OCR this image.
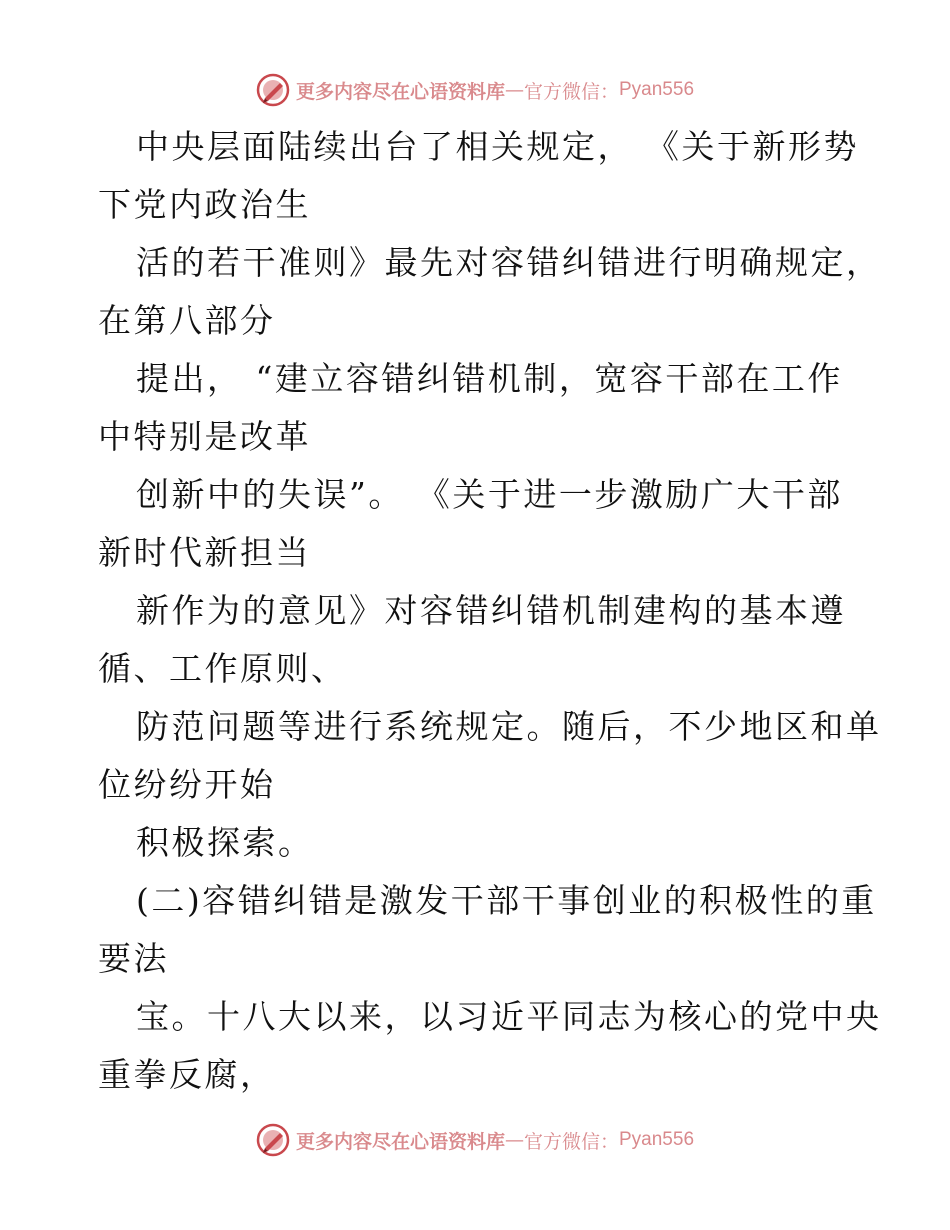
更多内容尽在心语资料库 — 官方微信： Pyan556
中央层面陆续出台了相关规定， 《关于新形势
下党内政治生
活的若干准则》最先对容错纠错进行明确规定，
在第八部分
提出， “建立容错纠错机制，宽容干部在工作
中特别是改革
创新中的失误”。 《关于进一步激励广大干部
新时代新担当
新作为的意见》对容错纠错机制建构的基本遵
循、工作原则、
防范问题等进行系统规定。随后，不少地区和单
位纷纷开始
积极探索。
(二)容错纠错是激发干部干事创业的积极性的重
要法
宝。十八大以来，以习近平同志为核心的党中央
重拳反腐，
更多内容尽在心语资料库 — 官方微信： Pyan556
